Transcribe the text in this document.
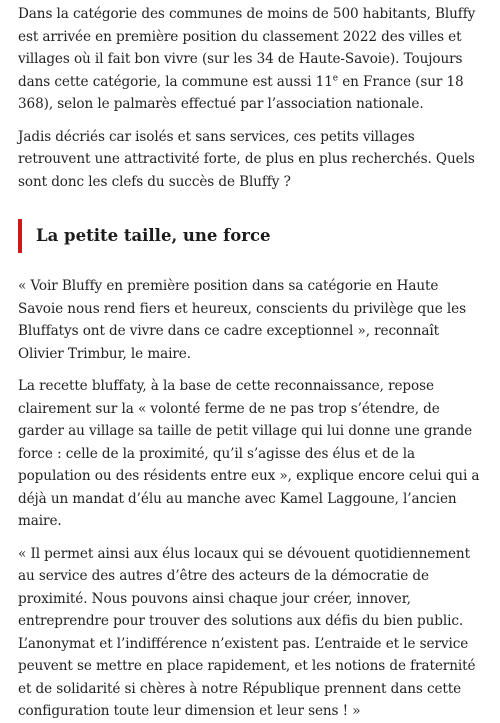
Dans la catégorie des communes de moins de 500 habitants, Bluffy est arrivée en première position du classement 2022 des villes et villages où il fait bon vivre (sur les 34 de Haute-Savoie). Toujours dans cette catégorie, la commune est aussi 11e en France (sur 18 368), selon le palmarès effectué par l’association nationale.

Jadis décriés car isolés et sans services, ces petits villages retrouvent une attractivité forte, de plus en plus recherchés. Quels sont donc les clefs du succès de Bluffy ?

La petite taille, une force

« Voir Bluffy en première position dans sa catégorie en Haute Savoie nous rend fiers et heureux, conscients du privilège que les Bluffatys ont de vivre dans ce cadre exceptionnel », reconnaît Olivier Trimbur, le maire.

La recette bluffaty, à la base de cette reconnaissance, repose clairement sur la « volonté ferme de ne pas trop s’étendre, de garder au village sa taille de petit village qui lui donne une grande force : celle de la proximité, qu’il s’agisse des élus et de la population ou des résidents entre eux », explique encore celui qui a déjà un mandat d’élu au manche avec Kamel Laggoune, l’ancien maire.

« Il permet ainsi aux élus locaux qui se dévouent quotidiennement au service des autres d’être des acteurs de la démocratie de proximité. Nous pouvons ainsi chaque jour créer, innover, entreprendre pour trouver des solutions aux défis du bien public. L’anonymat et l’indifférence n’existent pas. L’entraide et le service peuvent se mettre en place rapidement, et les notions de fraternité et de solidarité si chères à notre République prennent dans cette configuration toute leur dimension et leur sens ! »
